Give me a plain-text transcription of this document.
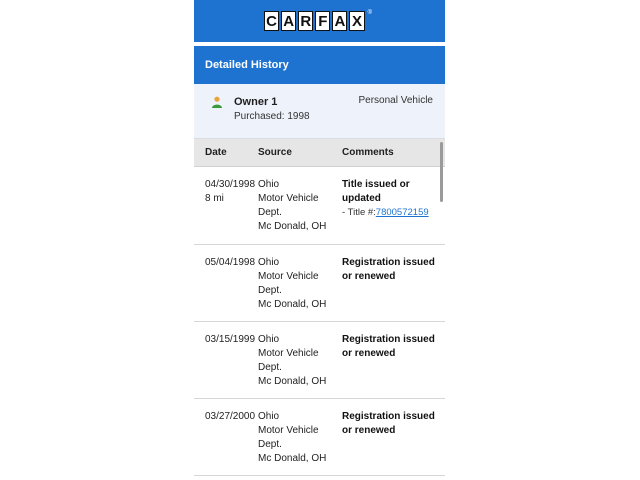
C A R F A X ®
Detailed History
Owner 1
Purchased: 1998
Personal Vehicle
Date	Source	Comments
04/30/1998
8 mi
Ohio
Motor Vehicle
Dept.
Mc Donald, OH
Title issued or
updated
- Title #:7800572159
05/04/1998 Ohio
Motor Vehicle
Dept.
Mc Donald, OH
Registration issued
or renewed
03/15/1999 Ohio
Motor Vehicle
Dept.
Mc Donald, OH
Registration issued
or renewed
03/27/2000 Ohio
Motor Vehicle
Dept.
Mc Donald, OH
Registration issued
or renewed
